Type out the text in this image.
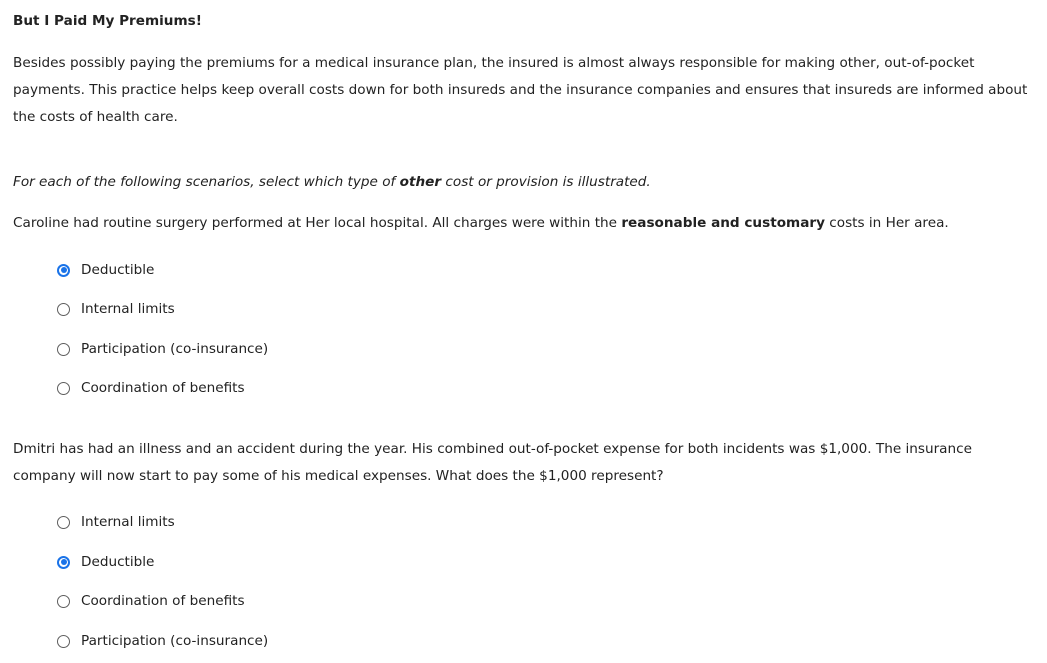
But I Paid My Premiums!
Besides possibly paying the premiums for a medical insurance plan, the insured is almost always responsible for making other, out-of-pocket payments. This practice helps keep overall costs down for both insureds and the insurance companies and ensures that insureds are informed about the costs of health care.
For each of the following scenarios, select which type of other cost or provision is illustrated.
Caroline had routine surgery performed at Her local hospital. All charges were within the reasonable and customary costs in Her area.
Deductible
Internal limits
Participation (co-insurance)
Coordination of benefits
Dmitri has had an illness and an accident during the year. His combined out-of-pocket expense for both incidents was $1,000. The insurance company will now start to pay some of his medical expenses. What does the $1,000 represent?
Internal limits
Deductible
Coordination of benefits
Participation (co-insurance)
